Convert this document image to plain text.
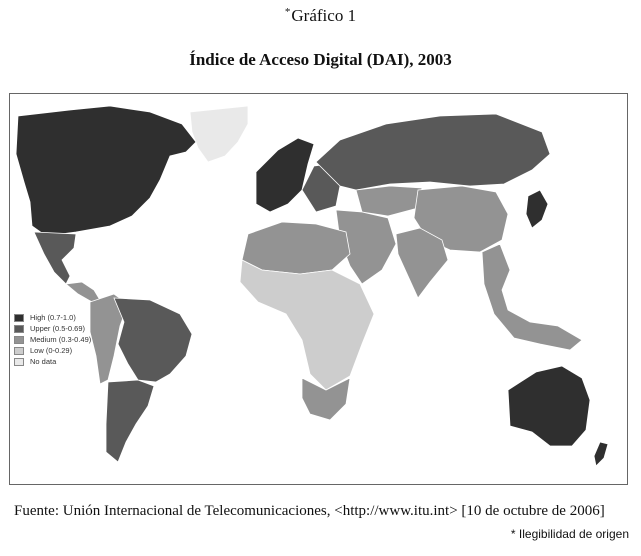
*Gráfico 1
Índice de Acceso Digital (DAI), 2003
High (0.7-1.0)
Upper (0.5-0.69)
Medium (0.3-0.49)
Low (0-0.29)
No data
Fuente: Unión Internacional de Telecomunicaciones, <http://www.itu.int> [10 de octubre de 2006]
* Ilegibilidad de origen
